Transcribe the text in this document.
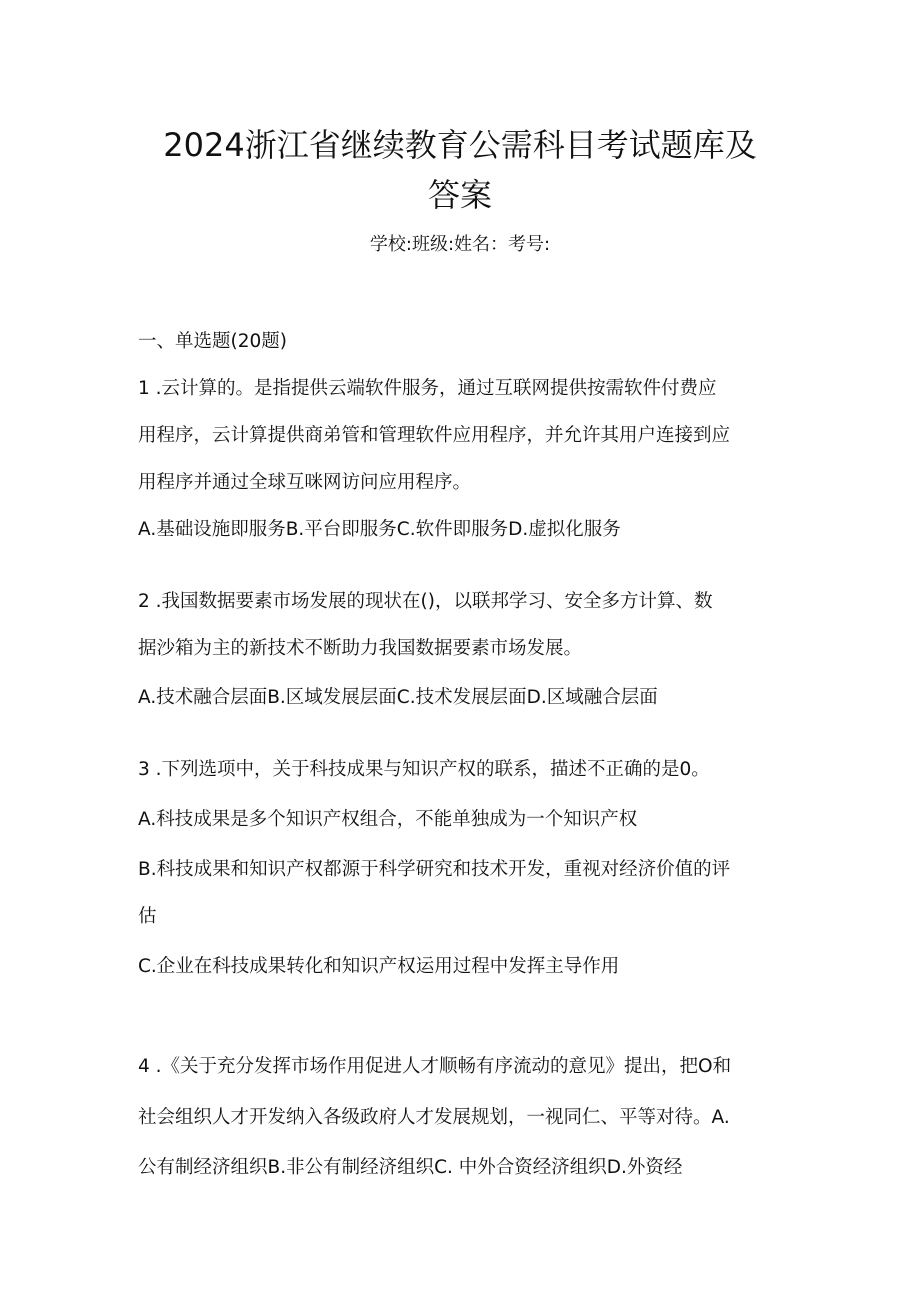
2024浙江省继续教育公需科目考试题库及
答案

学校:班级:姓名：考号:

一、单选题(20题)

1 .云计算的。是指提供云端软件服务，通过互联网提供按需软件付费应

用程序，云计算提供商弟管和管理软件应用程序，并允许其用户连接到应

用程序并通过全球互咪网访问应用程序。

A.基础设施即服务B.平台即服务C.软件即服务D.虚拟化服务

2 .我国数据要素市场发展的现状在()，以联邦学习、安全多方计算、数

据沙箱为主的新技术不断助力我国数据要素市场发展。

A.技术融合层面B.区域发展层面C.技术发展层面D.区域融合层面

3 .下列选项中，关于科技成果与知识产权的联系，描述不正确的是0。

A.科技成果是多个知识产权组合，不能单独成为一个知识产权

B.科技成果和知识产权都源于科学研究和技术开发，重视对经济价值的评

估

C.企业在科技成果转化和知识产权运用过程中发挥主导作用

4 .《关于充分发挥市场作用促进人才顺畅有序流动的意见》提出，把O和

社会组织人才开发纳入各级政府人才发展规划，一视同仁、平等对待。A.

公有制经济组织B.非公有制经济组织C. 中外合资经济组织D.外资经
